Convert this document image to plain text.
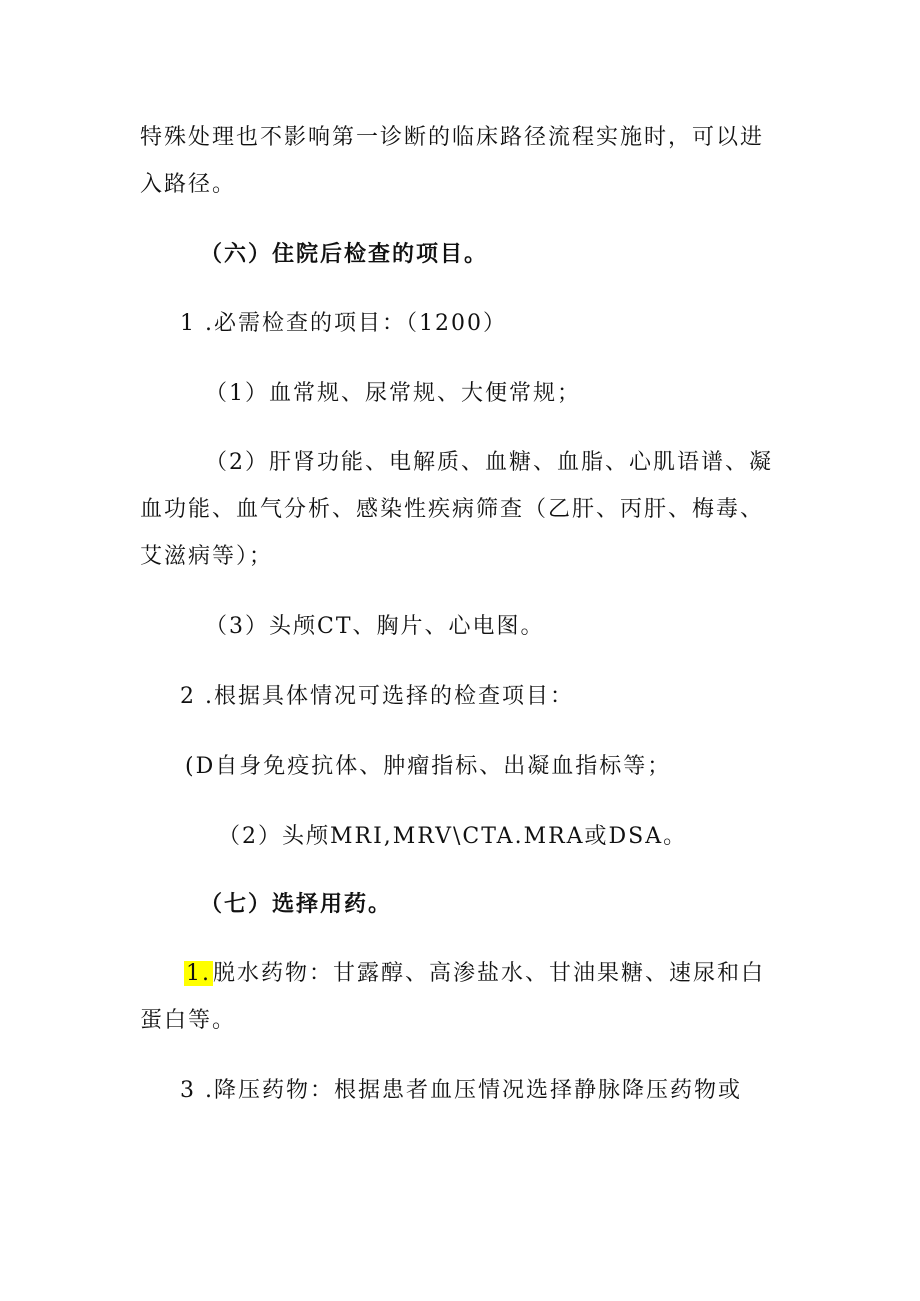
特殊处理也不影响第一诊断的临床路径流程实施时，可以进
入路径。
（六）住院后检查的项目。
1 .必需检查的项目：（1200）
（1）血常规、尿常规、大便常规；
（2）肝肾功能、电解质、血糖、血脂、心肌语谱、凝
血功能、血气分析、感染性疾病筛查（乙肝、丙肝、梅毒、
艾滋病等）；
（3）头颅CT、胸片、心电图。
2 .根据具体情况可选择的检查项目：
(D自身免疫抗体、肿瘤指标、出凝血指标等；
（2）头颅MRI,MRV\CTA.MRA或DSA。
（七）选择用药。
1.脱水药物：甘露醇、高渗盐水、甘油果糖、速尿和白
蛋白等。
3 .降压药物：根据患者血压情况选择静脉降压药物或
